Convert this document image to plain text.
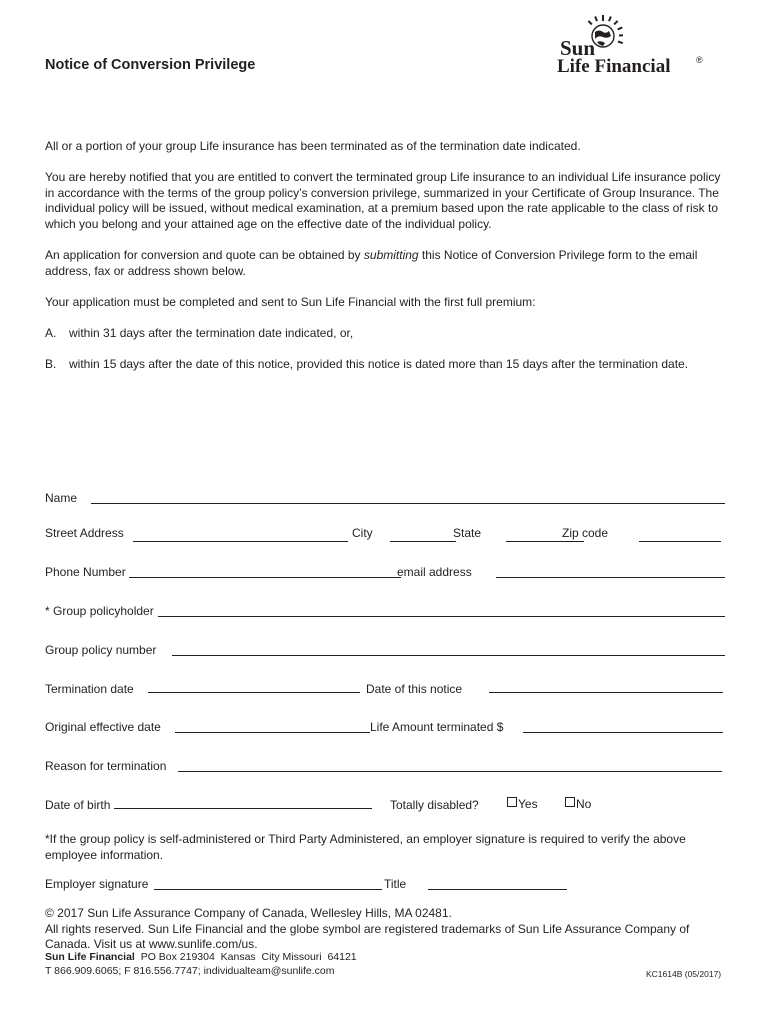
Notice of Conversion Privilege
Sun
Life Financial	®

All or a portion of your group Life insurance has been terminated as of the termination date indicated.

You are hereby notified that you are entitled to convert the terminated group Life insurance to an individual Life insurance policy in accordance with the terms of the group policy’s conversion privilege, summarized in your Certificate of Group Insurance. The individual policy will be issued, without medical examination, at a premium based upon the rate applicable to the class of risk to which you belong and your attained age on the effective date of the individual policy.

An application for conversion and quote can be obtained by submitting this Notice of Conversion Privilege form to the email address, fax or address shown below.

Your application must be completed and sent to Sun Life Financial with the first full premium:

A. within 31 days after the termination date indicated, or,
B. within 15 days after the date of this notice, provided this notice is dated more than 15 days after the termination date.
Name
Street Address	City	State	Zip code
Phone Number	email address
* Group policyholder
Group policy number
Termination date	Date of this notice
Original effective date	Life Amount terminated $
Reason for termination
Date of birth	Totally disabled?	Yes	No
*If the group policy is self-administered or Third Party Administered, an employer signature is required to verify the above employee information.
Employer signature	Title

© 2017 Sun Life Assurance Company of Canada, Wellesley Hills, MA 02481.

All rights reserved. Sun Life Financial and the globe symbol are registered trademarks of Sun Life Assurance Company of Canada. Visit us at www.sunlife.com/us.

Sun Life Financial  PO Box 219304  Kansas  City Missouri  64121
T 866.909.6065; F 816.556.7747; individualteam@sunlife.com	KC1614B (05/2017)
